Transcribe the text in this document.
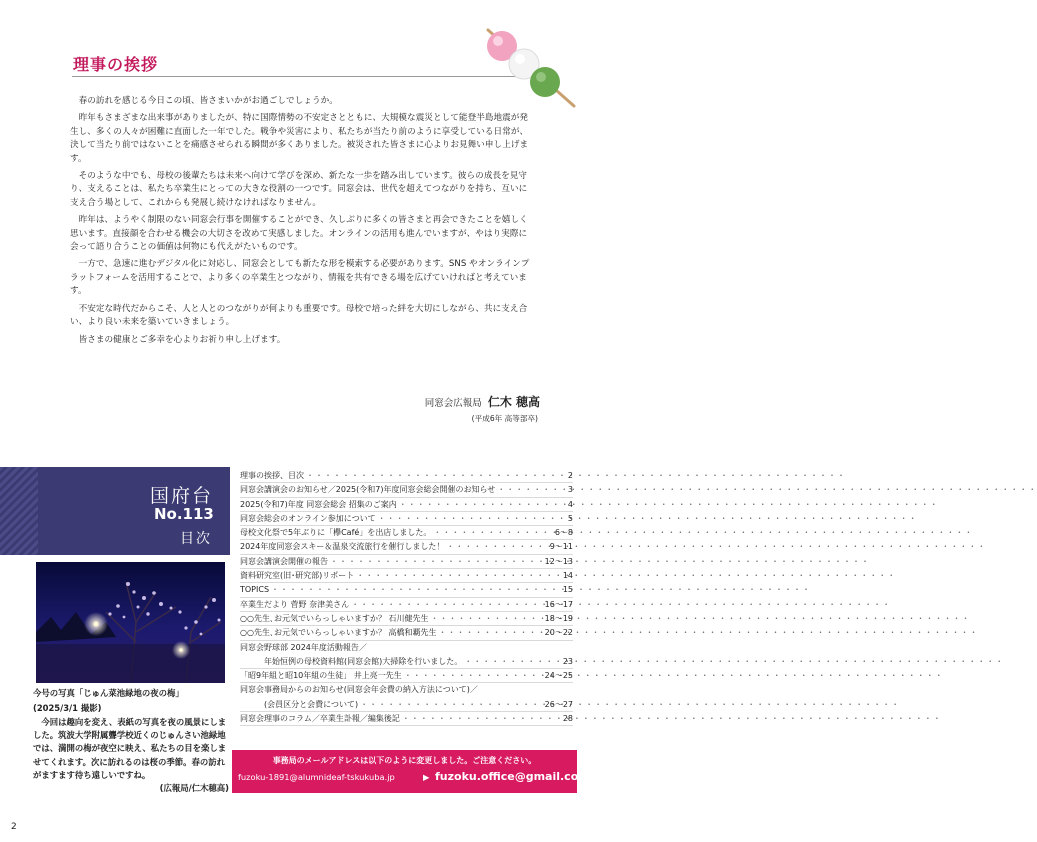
理事の挨拶

春の訪れを感じる今日この頃、皆さまいかがお過ごしでしょうか。

昨年もさまざまな出来事がありましたが、特に国際情勢の不安定さとともに、大規模な震災として能登半島地震が発生し、多くの人々が困難に直面した一年でした。戦争や災害により、私たちが当たり前のように享受している日常が、決して当たり前ではないことを痛感させられる瞬間が多くありました。被災された皆さまに心よりお見舞い申し上げます。

そのような中でも、母校の後輩たちは未来へ向けて学びを深め、新たな一歩を踏み出しています。彼らの成長を見守り、支えることは、私たち卒業生にとっての大きな役割の一つです。同窓会は、世代を超えてつながりを持ち、互いに支え合う場として、これからも発展し続けなければなりません。

昨年は、ようやく制限のない同窓会行事を開催することができ、久しぶりに多くの皆さまと再会できたことを嬉しく思います。直接顔を合わせる機会の大切さを改めて実感しました。オンラインの活用も進んでいますが、やはり実際に会って語り合うことの価値は何物にも代えがたいものです。

一方で、急速に進むデジタル化に対応し、同窓会としても新たな形を模索する必要があります。SNS やオンラインプラットフォームを活用することで、より多くの卒業生とつながり、情報を共有できる場を広げていければと考えています。

不安定な時代だからこそ、人と人とのつながりが何よりも重要です。母校で培った絆を大切にしながら、共に支え合い、より良い未来を築いていきましょう。

皆さまの健康とご多幸を心よりお祈り申し上げます。

同窓会広報局 仁木 穂高
(平成6年 高等部卒)
国府台
No.113
目次
今号の写真「じゅん菜池緑地の夜の梅」
(2025/3/1 撮影)
今回は趣向を変え、表紙の写真を夜の風景にしました。筑波大学附属聾学校近くのじゅんさい池緑地では、満開の梅が夜空に映え、私たちの目を楽しませてくれます。次に訪れるのは桜の季節。春の訪れがますます待ち遠しいですね。　
(広報局/仁木穂高)
理事の挨拶、目次 ・・・・・・・・・・・・・・・・・・・・・・・・・・・・・・・・・・・・・・・・・・・・・・・・・・・・・・・・・・・・	2
同窓会講演会のお知らせ／2025(令和7)年度同窓会総会開催のお知らせ ・・・・・・・・・・・・・・・・・・・・・・・・・・・・・・・・・・・・・・・・・・・・・・・・・・・・・・・・・・・・	3
2025(令和7)年度 同窓会総会 招集のご案内 ・・・・・・・・・・・・・・・・・・・・・・・・・・・・・・・・・・・・・・・・・・・・・・・・・・・・・・・・・・・・	4
同窓会総会のオンライン参加について ・・・・・・・・・・・・・・・・・・・・・・・・・・・・・・・・・・・・・・・・・・・・・・・・・・・・・・・・・・・・	5
母校文化祭で5年ぶりに「欅Café」を出店しました。 ・・・・・・・・・・・・・・・・・・・・・・・・・・・・・・・・・・・・・・・・・・・・・・・・・・・・・・・・・・・・	6～8
2024年度同窓会スキー＆温泉交流旅行を催行しました！ ・・・・・・・・・・・・・・・・・・・・・・・・・・・・・・・・・・・・・・・・・・・・・・・・・・・・・・・・・・・・	9～11
同窓会講演会開催の報告 ・・・・・・・・・・・・・・・・・・・・・・・・・・・・・・・・・・・・・・・・・・・・・・・・・・・・・・・・・・・・	12～13
資料研究室(旧･研究部)リポート ・・・・・・・・・・・・・・・・・・・・・・・・・・・・・・・・・・・・・・・・・・・・・・・・・・・・・・・・・・・・	14
TOPICS ・・・・・・・・・・・・・・・・・・・・・・・・・・・・・・・・・・・・・・・・・・・・・・・・・・・・・・・・・・・・	15
卒業生だより 菅野 奈津美さん ・・・・・・・・・・・・・・・・・・・・・・・・・・・・・・・・・・・・・・・・・・・・・・・・・・・・・・・・・・・・	16～17
○○先生､お元気でいらっしゃいますか？ 石川健先生 ・・・・・・・・・・・・・・・・・・・・・・・・・・・・・・・・・・・・・・・・・・・・・・・・・・・・・・・・・・・・	18～19
○○先生､お元気でいらっしゃいますか？ 高橋和覇先生 ・・・・・・・・・・・・・・・・・・・・・・・・・・・・・・・・・・・・・・・・・・・・・・・・・・・・・・・・・・・・	20～22
同窓会野球部 2024年度活動報告／
年始恒例の母校資料館(同窓会館)大掃除を行いました。 ・・・・・・・・・・・・・・・・・・・・・・・・・・・・・・・・・・・・・・・・・・・・・・・・・・・・・・・・・・・・	23
「昭9年組と昭10年組の生徒」 井上亮一先生 ・・・・・・・・・・・・・・・・・・・・・・・・・・・・・・・・・・・・・・・・・・・・・・・・・・・・・・・・・・・・	24～25
同窓会事務局からのお知らせ(同窓会年会費の納入方法について)／
(会員区分と会費について) ・・・・・・・・・・・・・・・・・・・・・・・・・・・・・・・・・・・・・・・・・・・・・・・・・・・・・・・・・・・・	26～27
同窓会理事のコラム／卒業生訃報／編集後記 ・・・・・・・・・・・・・・・・・・・・・・・・・・・・・・・・・・・・・・・・・・・・・・・・・・・・・・・・・・・・	28
事務局のメールアドレスは以下のように変更しました。ご注意ください。
fuzoku-1891@alumnideaf-tskukuba.jp	▶ fuzoku.office@gmail.com
2
